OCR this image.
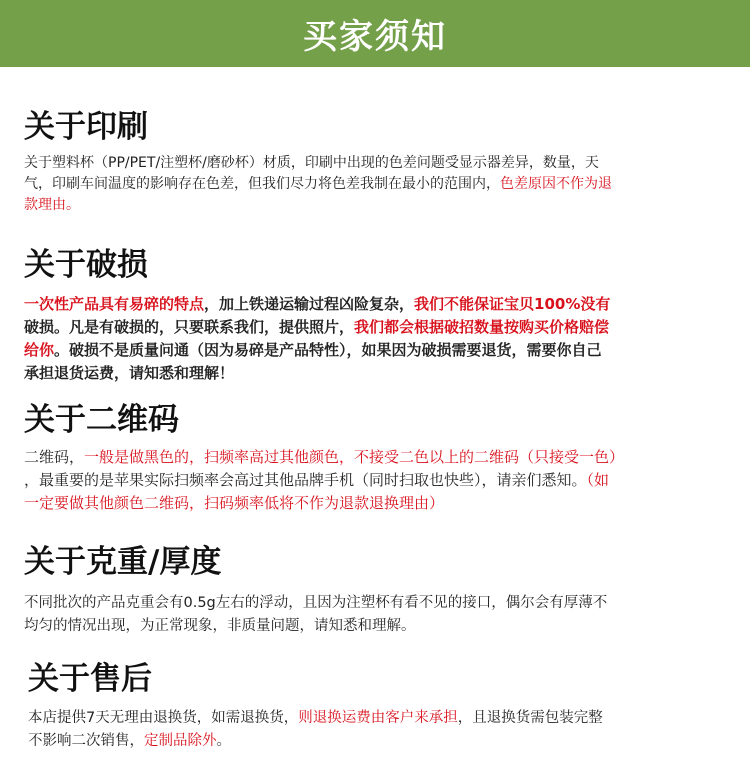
买家须知
关于印刷

关于塑料杯（PP/PET/注塑杯/磨砂杯）材质，印刷中出现的色差问题受显示器差异，数量，天
气，印刷车间温度的影响存在色差，但我们尽力将色差我制在最小的范围内，色差原因不作为退
款理由。

关于破损

一次性产品具有易碎的特点，加上铁递运输过程凶险复杂，我们不能保证宝贝100%没有
破损。凡是有破损的，只要联系我们，提供照片，我们都会根据破招数量按购买价格赔偿
给你。破损不是质量问通（因为易碎是产品特性），如果因为破损需要退货，需要你自己
承担退货运费，请知悉和理解！

关于二维码

二维码，一般是做黑色的，扫频率高过其他颜色，不接受二色以上的二维码（只接受一色）
，最重要的是苹果实际扫频率会高过其他品牌手机（同时扫取也快些），请亲们悉知。（如
一定要做其他颜色二维码，扫码频率低将不作为退款退换理由）

关于克重/厚度

不同批次的产品克重会有0.5g左右的浮动，且因为注塑杯有看不见的接口，偶尔会有厚薄不
均匀的情况出现，为正常现象，非质量问题，请知悉和理解。

关于售后

本店提供7天无理由退换货，如需退换货，则退换运费由客户来承担，且退换货需包装完整
不影响二次销售，定制品除外。
